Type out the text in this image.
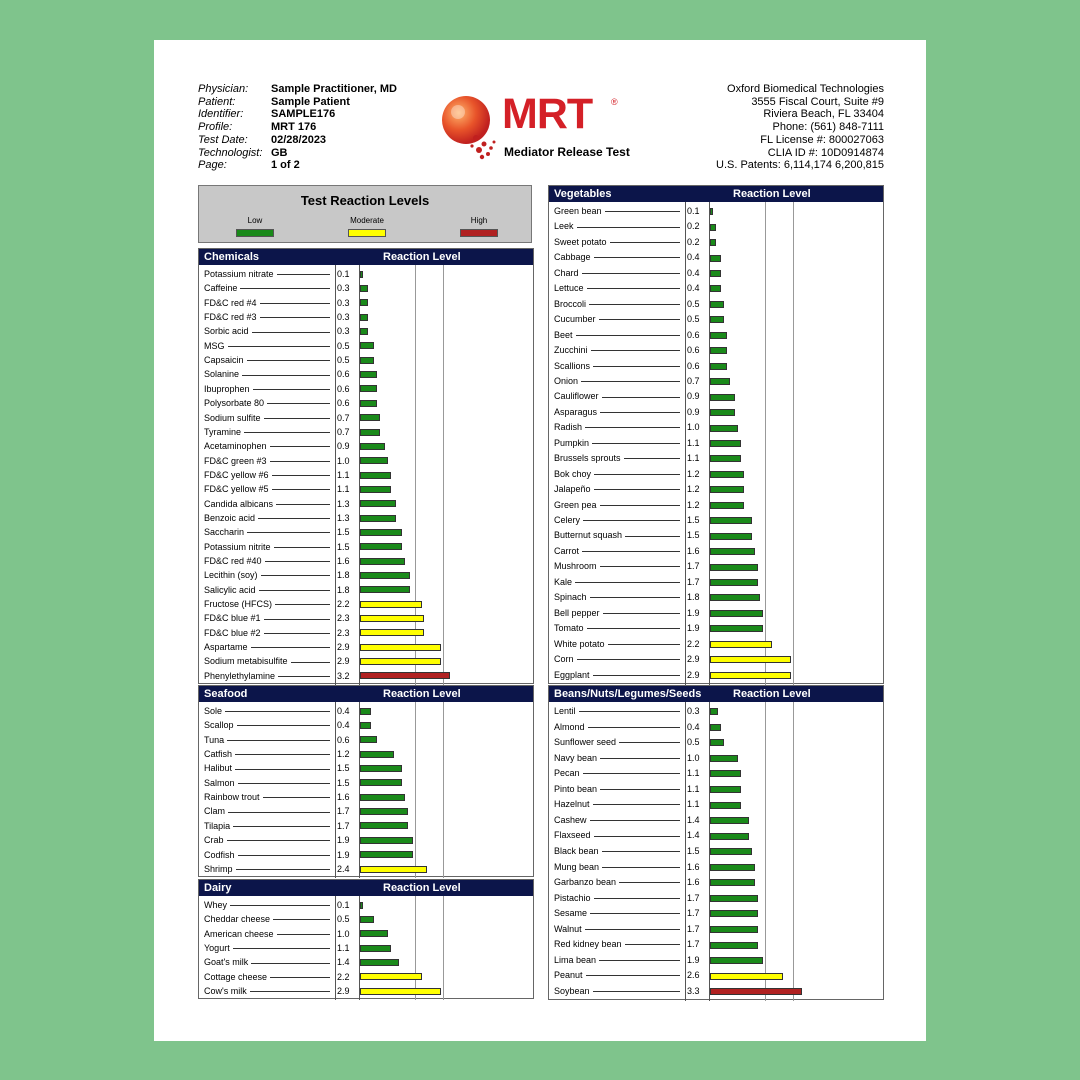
Physician:	Sample Practitioner, MD
Patient:	Sample Patient
Identifier:	SAMPLE176
Profile:	MRT 176
Test Date:	02/28/2023
Technologist: GB
Page:	1 of 2
MRT ®
Mediator Release Test
Oxford Biomedical Technologies
3555 Fiscal Court, Suite #9
Riviera Beach, FL 33404
Phone: (561) 848-7111
FL License #: 800027063
CLIA ID #: 10D0914874
U.S. Patents: 6,114,174 6,200,815
Test Reaction Levels
Low	Moderate	High
Chemicals	Reaction Level
Potassium nitrate	0.1
Caffeine	0.3
FD&C red #4	0.3
FD&C red #3	0.3
Sorbic acid	0.3
MSG	0.5
Capsaicin	0.5
Solanine	0.6
Ibuprophen	0.6
Polysorbate 80	0.6
Sodium sulfite	0.7
Tyramine	0.7
Acetaminophen	0.9
FD&C green #3	1.0
FD&C yellow #6	1.1
FD&C yellow #5	1.1
Candida albicans	1.3
Benzoic acid	1.3
Saccharin	1.5
Potassium nitrite	1.5
FD&C red #40	1.6
Lecithin (soy)	1.8
Salicylic acid	1.8
Fructose (HFCS)	2.2
FD&C blue #1	2.3
FD&C blue #2	2.3
Aspartame	2.9
Sodium metabisulfite	2.9
Phenylethylamine	3.2
Seafood	Reaction Level
Sole	0.4
Scallop	0.4
Tuna	0.6
Catfish	1.2
Halibut	1.5
Salmon	1.5
Rainbow trout	1.6
Clam	1.7
Tilapia	1.7
Crab	1.9
Codfish	1.9
Shrimp	2.4
Dairy	Reaction Level
Whey	0.1
Cheddar cheese	0.5
American cheese	1.0
Yogurt	1.1
Goat's milk	1.4
Cottage cheese	2.2
Cow's milk	2.9
Vegetables	Reaction Level
Green bean	0.1
Leek	0.2
Sweet potato	0.2
Cabbage	0.4
Chard	0.4
Lettuce	0.4
Broccoli	0.5
Cucumber	0.5
Beet	0.6
Zucchini	0.6
Scallions	0.6
Onion	0.7
Cauliflower	0.9
Asparagus	0.9
Radish	1.0
Pumpkin	1.1
Brussels sprouts	1.1
Bok choy	1.2
Jalapeño	1.2
Green pea	1.2
Celery	1.5
Butternut squash	1.5
Carrot	1.6
Mushroom	1.7
Kale	1.7
Spinach	1.8
Bell pepper	1.9
Tomato	1.9
White potato	2.2
Corn	2.9
Eggplant	2.9
Beans/Nuts/Legumes/Seeds	Reaction Level
Lentil	0.3
Almond	0.4
Sunflower seed	0.5
Navy bean	1.0
Pecan	1.1
Pinto bean	1.1
Hazelnut	1.1
Cashew	1.4
Flaxseed	1.4
Black bean	1.5
Mung bean	1.6
Garbanzo bean	1.6
Pistachio	1.7
Sesame	1.7
Walnut	1.7
Red kidney bean	1.7
Lima bean	1.9
Peanut	2.6
Soybean	3.3
